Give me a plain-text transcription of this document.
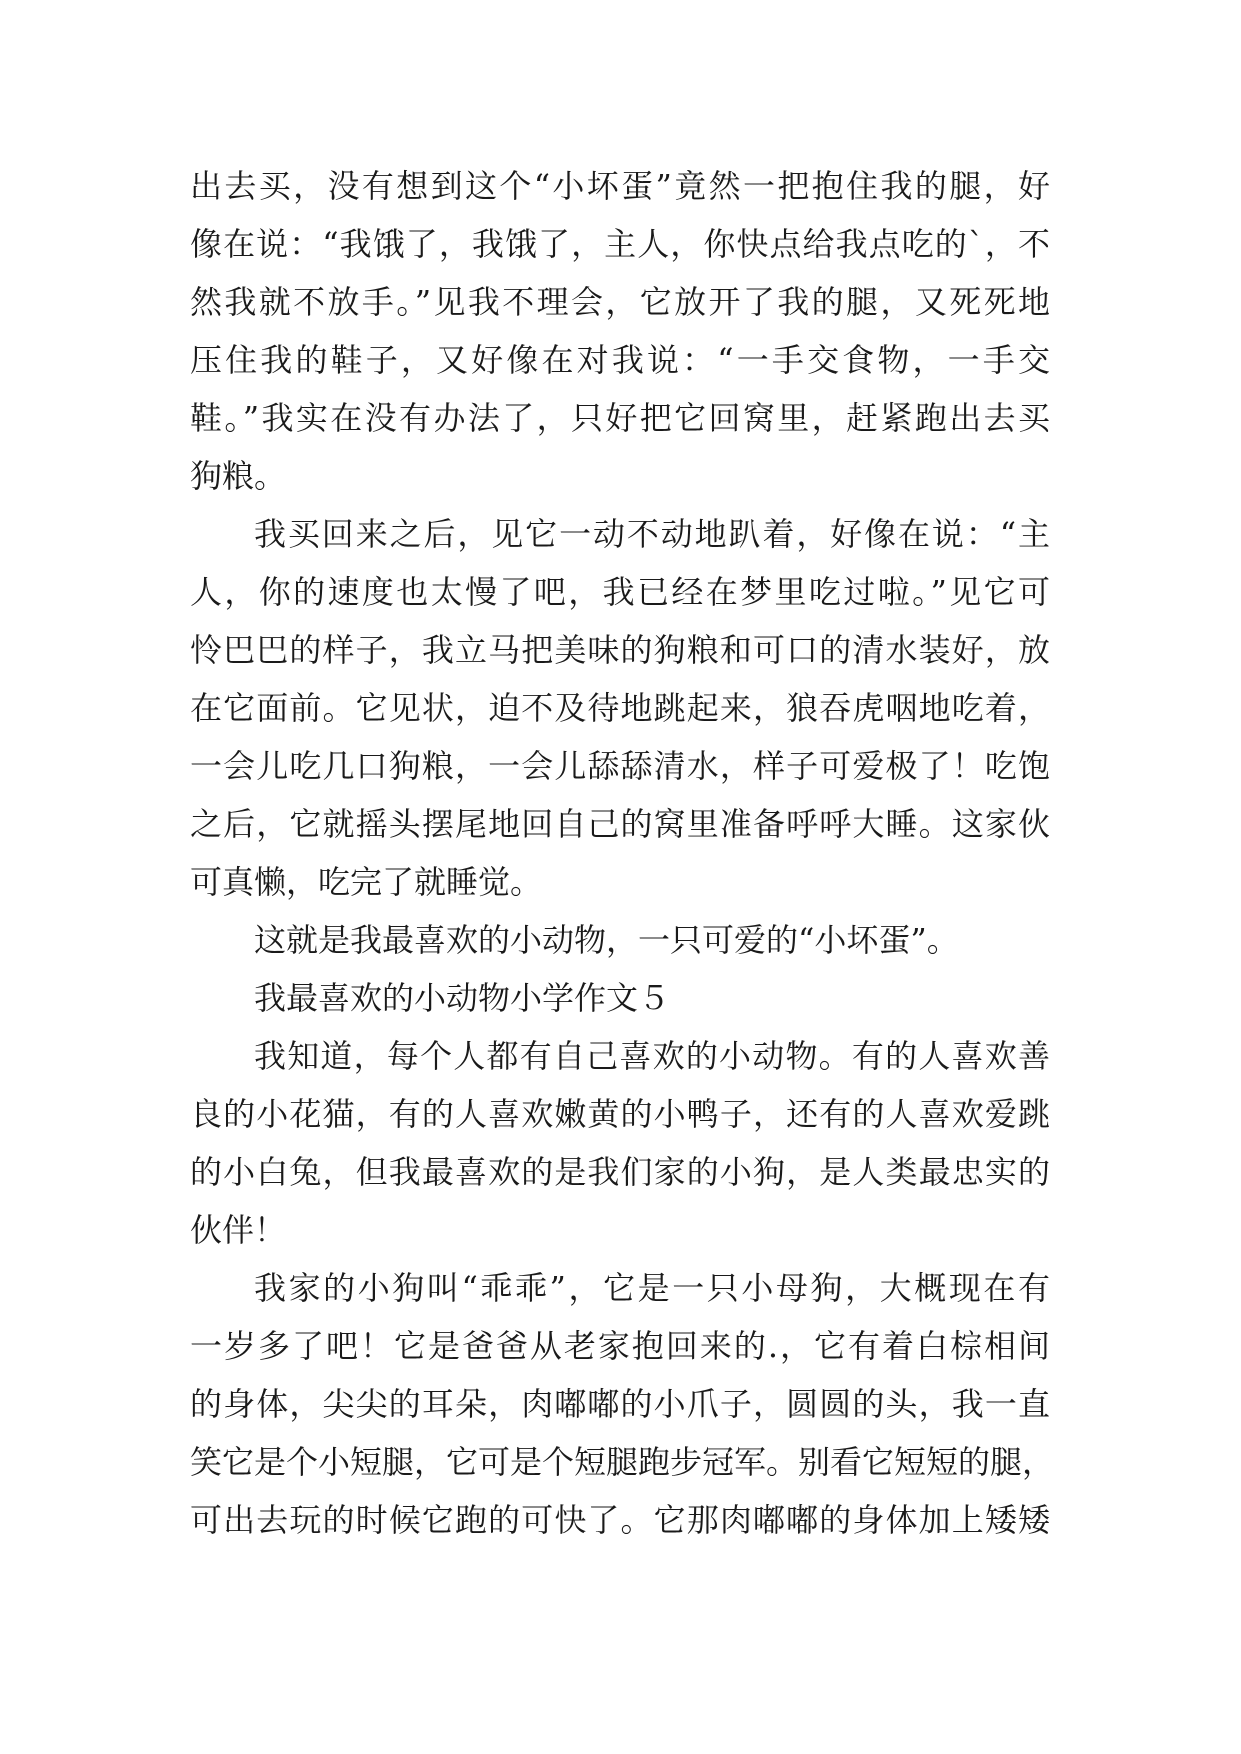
出去买，没有想到这个“小坏蛋”竟然一把抱住我的腿，好
像在说：“我饿了，我饿了，主人，你快点给我点吃的`，不
然我就不放手。”见我不理会，它放开了我的腿，又死死地
压住我的鞋子，又好像在对我说：“一手交食物，一手交
鞋。”我实在没有办法了，只好把它回窝里，赶紧跑出去买
狗粮。
我买回来之后，见它一动不动地趴着，好像在说：“主
人，你的速度也太慢了吧，我已经在梦里吃过啦。”见它可
怜巴巴的样子，我立马把美味的狗粮和可口的清水装好，放
在它面前。它见状，迫不及待地跳起来，狼吞虎咽地吃着，
一会儿吃几口狗粮，一会儿舔舔清水，样子可爱极了！吃饱
之后，它就摇头摆尾地回自己的窝里准备呼呼大睡。这家伙
可真懒，吃完了就睡觉。
这就是我最喜欢的小动物，一只可爱的“小坏蛋”。
我最喜欢的小动物小学作文５
我知道，每个人都有自己喜欢的小动物。有的人喜欢善
良的小花猫，有的人喜欢嫩黄的小鸭子，还有的人喜欢爱跳
的小白兔，但我最喜欢的是我们家的小狗，是人类最忠实的
伙伴！
我家的小狗叫“乖乖”，它是一只小母狗，大概现在有
一岁多了吧！它是爸爸从老家抱回来的.，它有着白棕相间
的身体，尖尖的耳朵，肉嘟嘟的小爪子，圆圆的头，我一直
笑它是个小短腿，它可是个短腿跑步冠军。别看它短短的腿，
可出去玩的时候它跑的可快了。它那肉嘟嘟的身体加上矮矮
